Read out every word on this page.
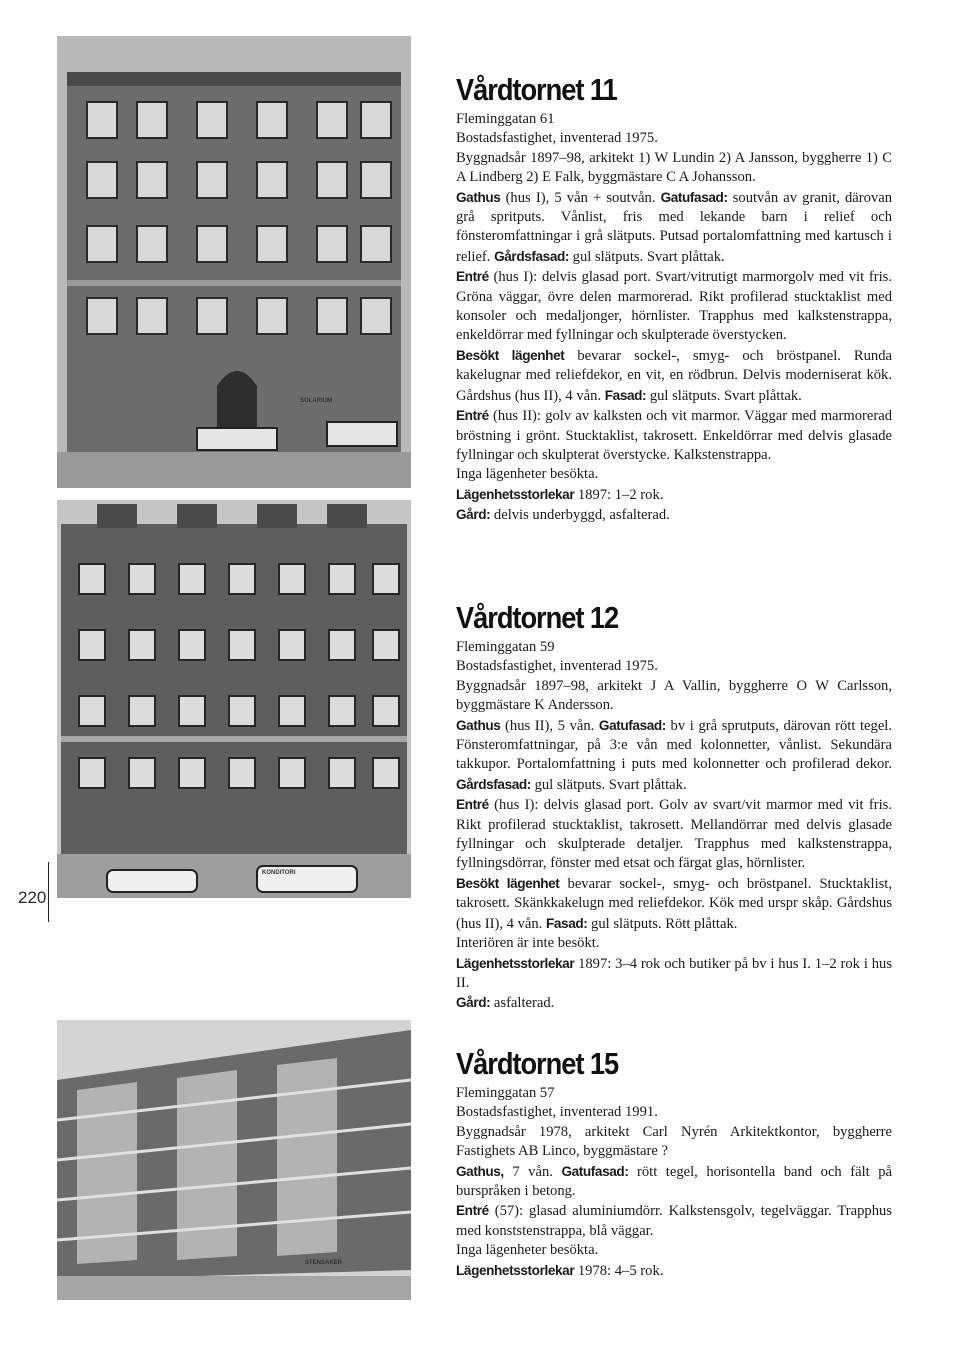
220
Vårdtornet 11

Fleminggatan 61

Bostadsfastighet, inventerad 1975.

Byggnadsår 1897–98, arkitekt 1) W Lundin 2) A Jansson, byggherre 1) C A Lindberg 2) E Falk, byggmästare C A Johansson.

Gathus (hus I), 5 vån + soutvån. Gatufasad: soutvån av granit, därovan grå spritputs. Vånlist, fris med lekande barn i relief och fönsteromfattningar i grå slätputs. Putsad portalomfattning med kartusch i relief. Gårdsfasad: gul slätputs. Svart plåttak.

Entré (hus I): delvis glasad port. Svart/vitrutigt marmorgolv med vit fris. Gröna väggar, övre delen marmorerad. Rikt profilerad stucktaklist med konsoler och medaljonger, hörnlister. Trapphus med kalkstenstrappa, enkeldörrar med fyllningar och skulpterade överstycken.

Besökt lägenhet bevarar sockel-, smyg- och bröstpanel. Runda kakelugnar med reliefdekor, en vit, en rödbrun. Delvis moderniserat kök. Gårdshus (hus II), 4 vån. Fasad: gul slätputs. Svart plåttak.

Entré (hus II): golv av kalksten och vit marmor. Väggar med marmorerad bröstning i grönt. Stucktaklist, takrosett. Enkeldörrar med delvis glasade fyllningar och skulpterat överstycke. Kalkstenstrappa.

Inga lägenheter besökta.

Lägenhetsstorlekar 1897: 1–2 rok.

Gård: delvis underbyggd, asfalterad.

Vårdtornet 12

Fleminggatan 59

Bostadsfastighet, inventerad 1975.

Byggnadsår 1897–98, arkitekt J A Vallin, byggherre O W Carlsson, byggmästare K Andersson.

Gathus (hus II), 5 vån. Gatufasad: bv i grå sprutputs, därovan rött tegel. Fönsteromfattningar, på 3:e vån med kolonnetter, vånlist. Sekundära takkupor. Portalomfattning i puts med kolonnetter och profilerad dekor. Gårdsfasad: gul slätputs. Svart plåttak.

Entré (hus I): delvis glasad port. Golv av svart/vit marmor med vit fris. Rikt profilerad stucktaklist, takrosett. Mellandörrar med delvis glasade fyllningar och skulpterade detaljer. Trapphus med kalkstenstrappa, fyllningsdörrar, fönster med etsat och färgat glas, hörnlister.

Besökt lägenhet bevarar sockel-, smyg- och bröstpanel. Stucktaklist, takrosett. Skänkkakelugn med reliefdekor. Kök med urspr skåp. Gårdshus (hus II), 4 vån. Fasad: gul slätputs. Rött plåttak.

Interiören är inte besökt.

Lägenhetsstorlekar 1897: 3–4 rok och butiker på bv i hus I. 1–2 rok i hus II.

Gård: asfalterad.

Vårdtornet 15

Fleminggatan 57

Bostadsfastighet, inventerad 1991.

Byggnadsår 1978, arkitekt Carl Nyrén Arkitektkontor, byggherre Fastighets AB Linco, byggmästare ?

Gathus, 7 vån. Gatufasad: rött tegel, horisontella band och fält på burspråken i betong.

Entré (57): glasad aluminiumdörr. Kalkstensgolv, tegelväggar. Trapphus med konststenstrappa, blå väggar.

Inga lägenheter besökta.

Lägenhetsstorlekar 1978: 4–5 rok.

SOLARIUM
KONDITORI
STENSAKER
